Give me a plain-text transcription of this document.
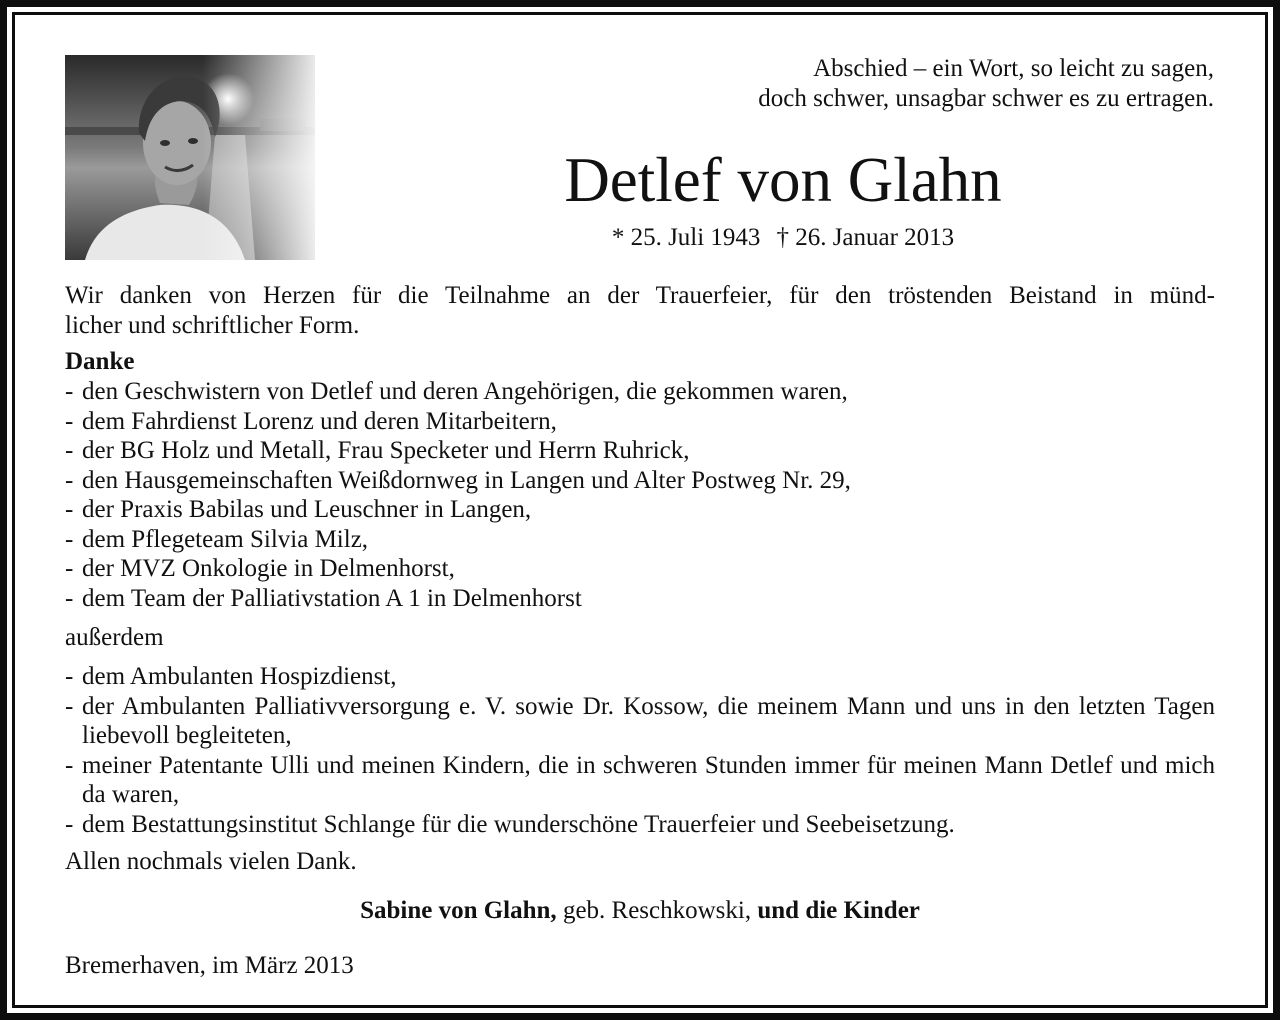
Abschied – ein Wort, so leicht zu sagen,
doch schwer, unsagbar schwer es zu ertragen.
Detlef von Glahn
* 25. Juli 1943 † 26. Januar 2013
Wir danken von Herzen für die Teilnahme an der Trauerfeier, für den tröstenden Beistand in münd-
licher und schriftlicher Form.
Danke
- den Geschwistern von Detlef und deren Angehörigen, die gekommen waren,
- dem Fahrdienst Lorenz und deren Mitarbeitern,
- der BG Holz und Metall, Frau Specketer und Herrn Ruhrick,
- den Hausgemeinschaften Weißdornweg in Langen und Alter Postweg Nr. 29,
- der Praxis Babilas und Leuschner in Langen,
- dem Pflegeteam Silvia Milz,
- der MVZ Onkologie in Delmenhorst,
- dem Team der Palliativstation A 1 in Delmenhorst
außerdem
- dem Ambulanten Hospizdienst,
- der Ambulanten Palliativversorgung e. V. sowie Dr. Kossow, die meinem Mann und uns in den letzten Tagen liebevoll begleiteten,
- meiner Patentante Ulli und meinen Kindern, die in schweren Stunden immer für meinen Mann Detlef und mich da waren,
- dem Bestattungsinstitut Schlange für die wunderschöne Trauerfeier und Seebeisetzung.
Allen nochmals vielen Dank.
Sabine von Glahn, geb. Reschkowski, und die Kinder
Bremerhaven, im März 2013
